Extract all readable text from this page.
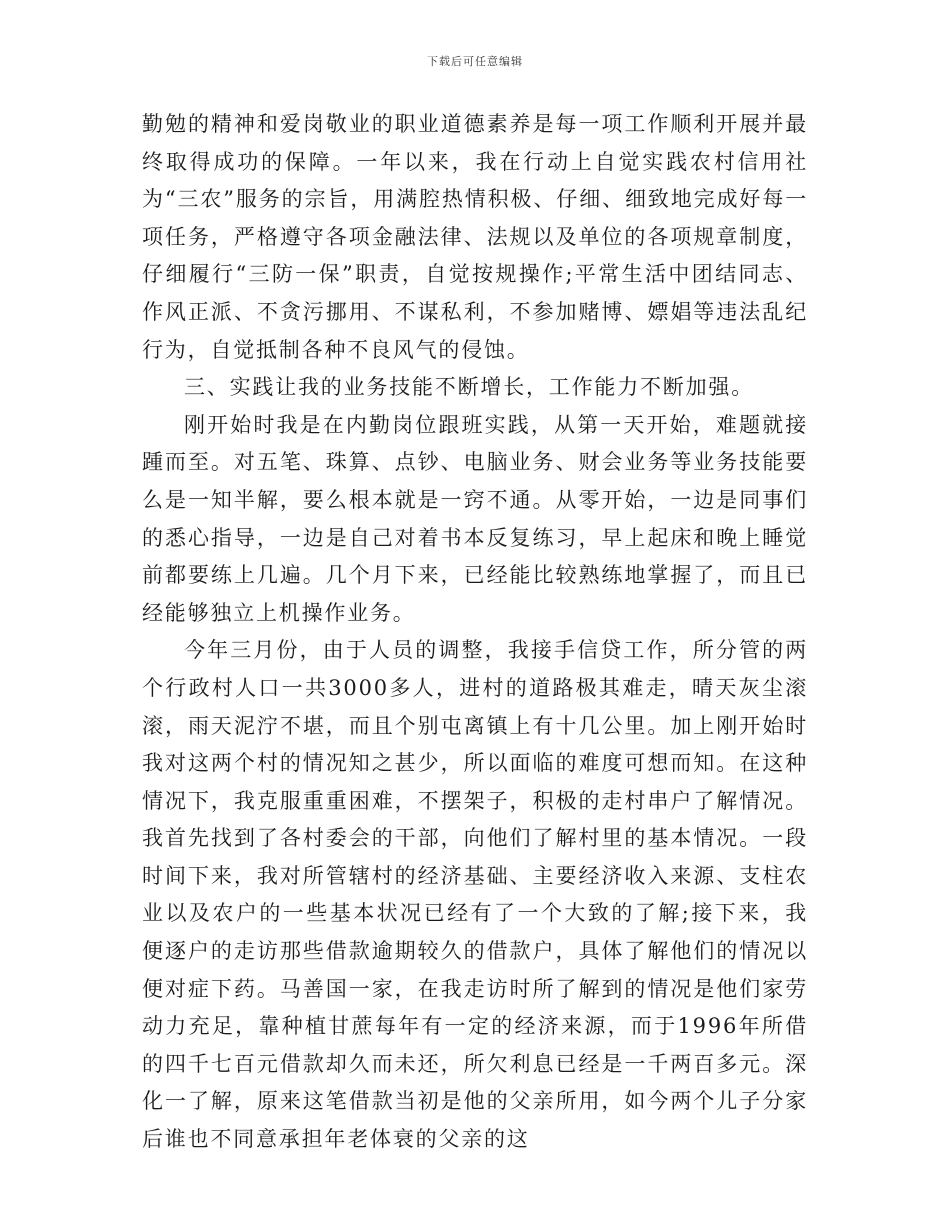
下载后可任意编辑

勤勉的精神和爱岗敬业的职业道德素养是每一项工作顺利开展并最终取得成功的保障。一年以来，我在行动上自觉实践农村信用社为“三农”服务的宗旨，用满腔热情积极、仔细、细致地完成好每一项任务，严格遵守各项金融法律、法规以及单位的各项规章制度，仔细履行“三防一保”职责，自觉按规操作;平常生活中团结同志、作风正派、不贪污挪用、不谋私利，不参加赌博、嫖娼等违法乱纪行为，自觉抵制各种不良风气的侵蚀。

三、实践让我的业务技能不断增长，工作能力不断加强。

刚开始时我是在内勤岗位跟班实践，从第一天开始，难题就接踵而至。对五笔、珠算、点钞、电脑业务、财会业务等业务技能要么是一知半解，要么根本就是一窍不通。从零开始，一边是同事们的悉心指导，一边是自己对着书本反复练习，早上起床和晚上睡觉前都要练上几遍。几个月下来，已经能比较熟练地掌握了，而且已经能够独立上机操作业务。

今年三月份，由于人员的调整，我接手信贷工作，所分管的两个行政村人口一共3000多人，进村的道路极其难走，晴天灰尘滚滚，雨天泥泞不堪，而且个别屯离镇上有十几公里。加上刚开始时我对这两个村的情况知之甚少，所以面临的难度可想而知。在这种情况下，我克服重重困难，不摆架子，积极的走村串户了解情况。我首先找到了各村委会的干部，向他们了解村里的基本情况。一段时间下来，我对所管辖村的经济基础、主要经济收入来源、支柱农业以及农户的一些基本状况已经有了一个大致的了解;接下来，我便逐户的走访那些借款逾期较久的借款户，具体了解他们的情况以便对症下药。马善国一家，在我走访时所了解到的情况是他们家劳动力充足，靠种植甘蔗每年有一定的经济来源，而于1996年所借的四千七百元借款却久而未还，所欠利息已经是一千两百多元。深化一了解，原来这笔借款当初是他的父亲所用，如今两个儿子分家后谁也不同意承担年老体衰的父亲的这
